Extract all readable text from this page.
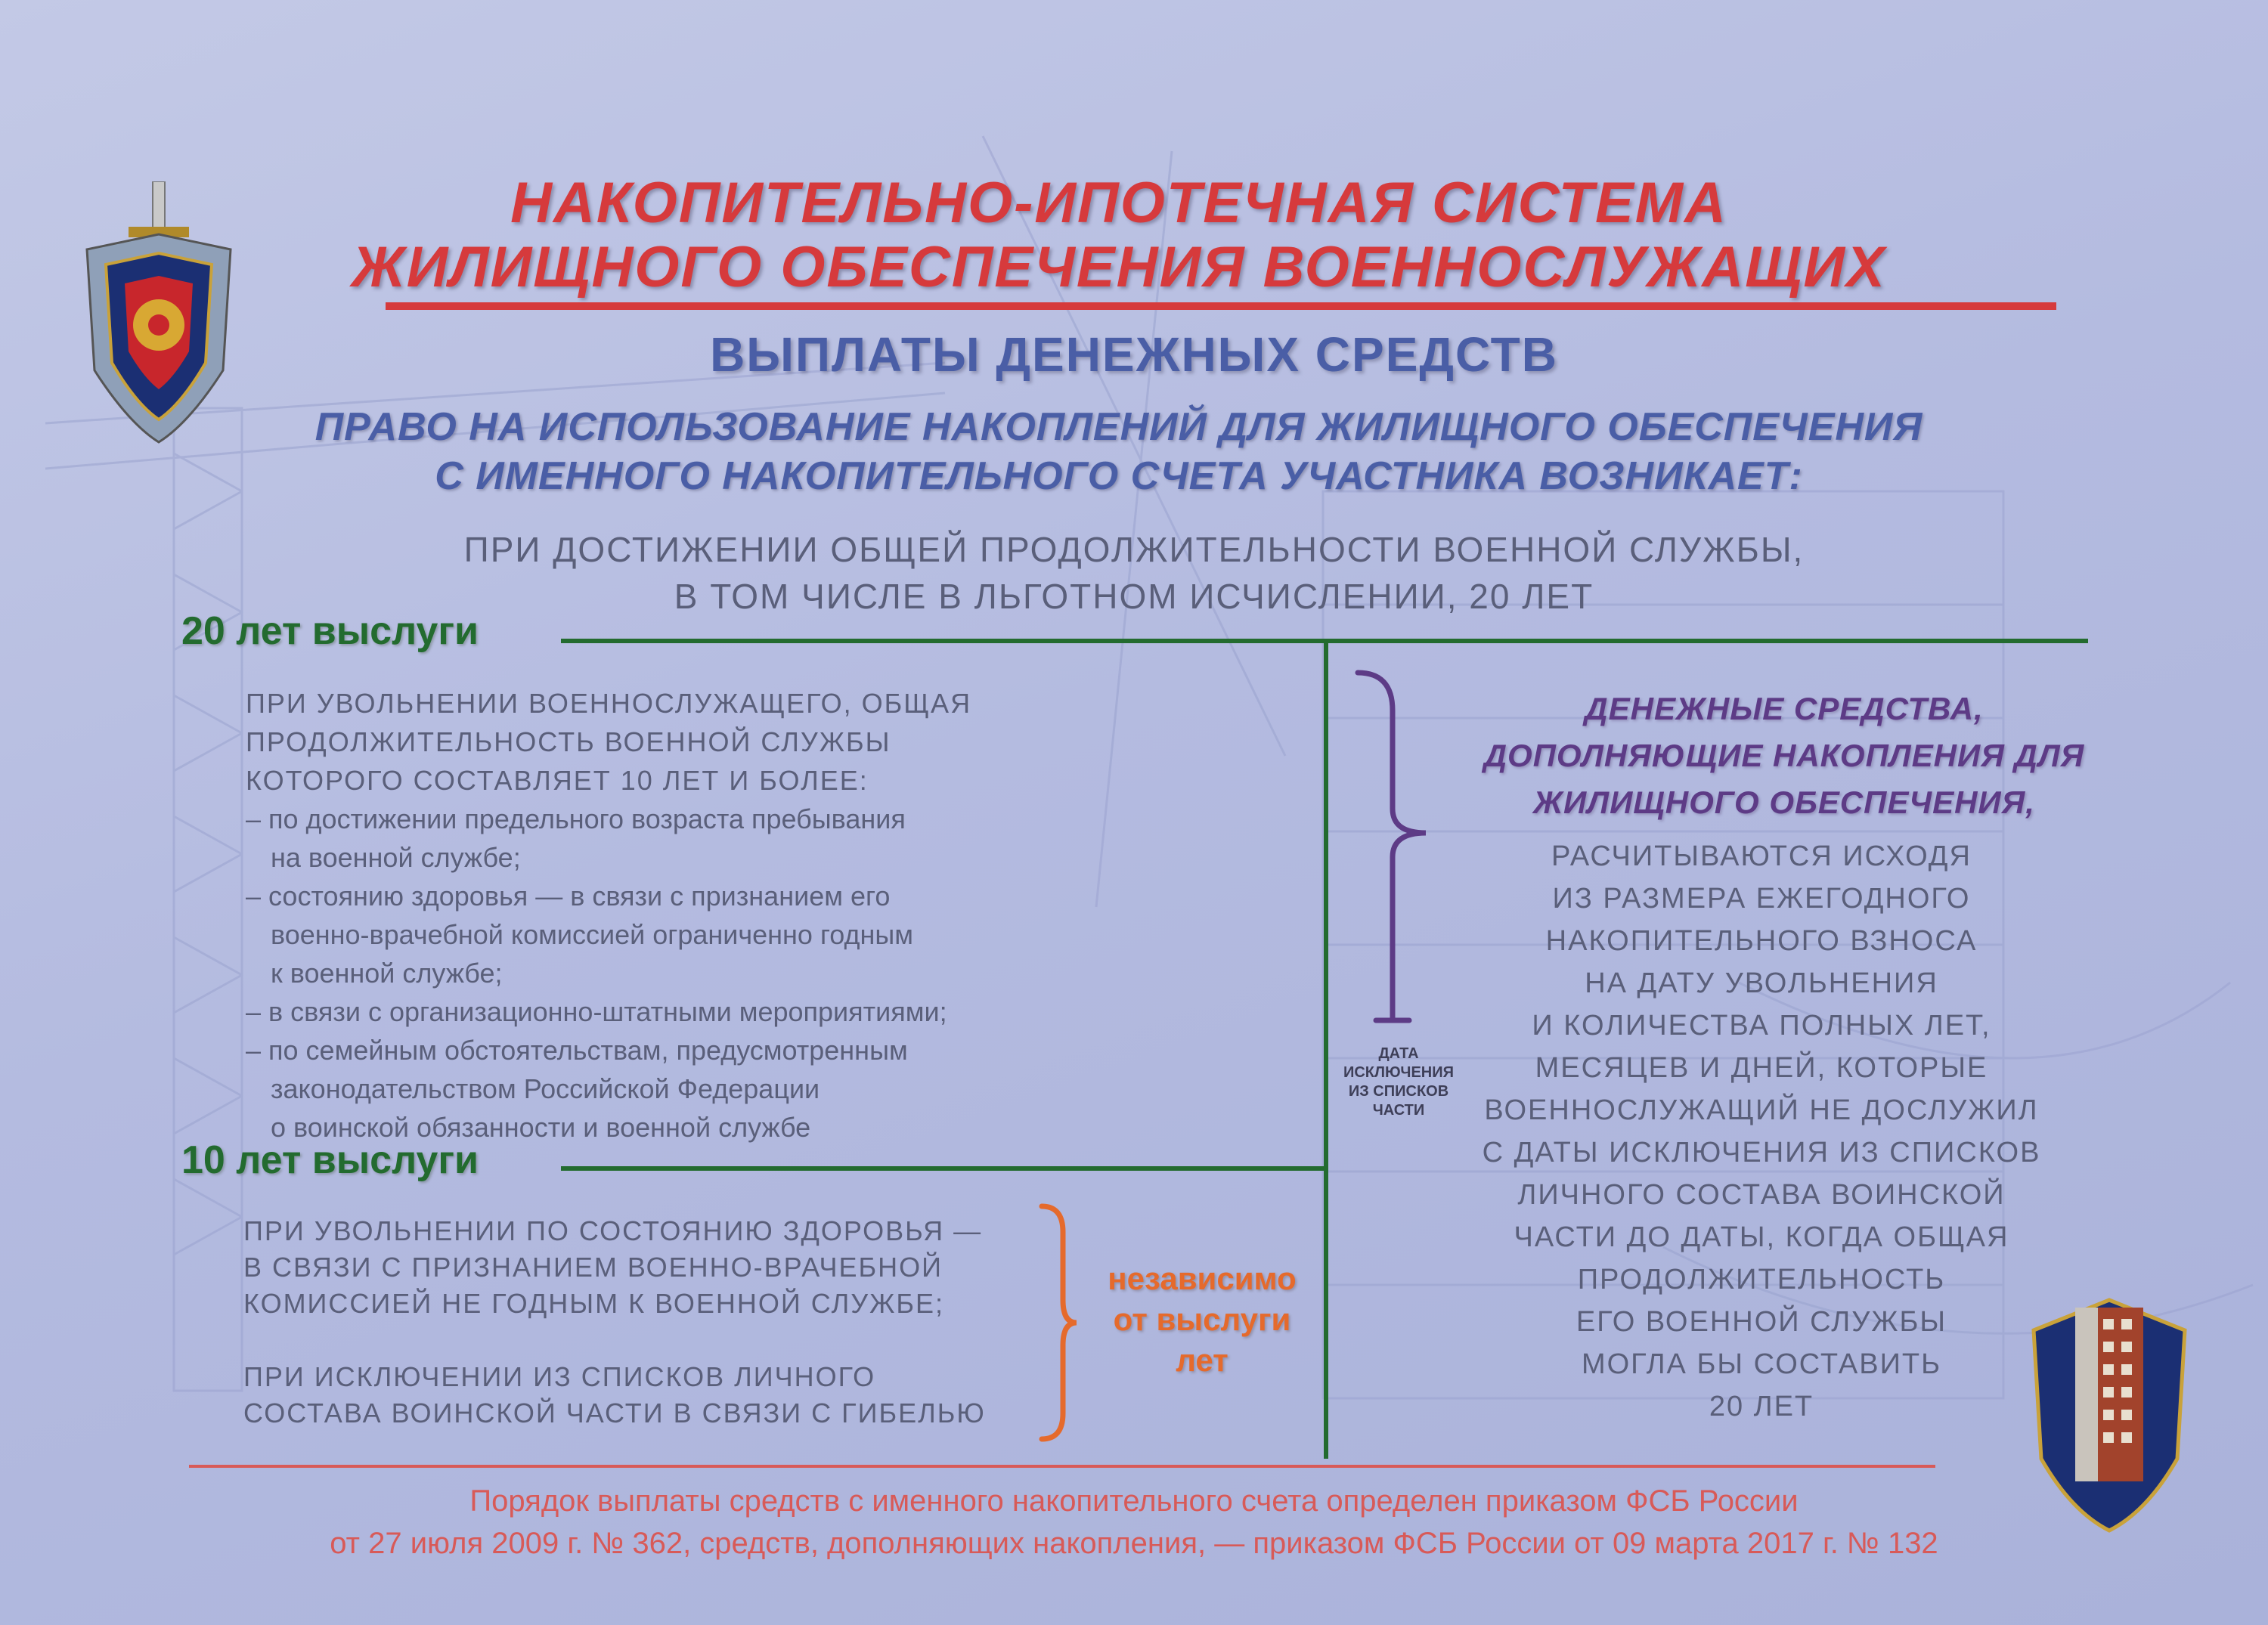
НАКОПИТЕЛЬНО-ИПОТЕЧНАЯ СИСТЕМА
ЖИЛИЩНОГО ОБЕСПЕЧЕНИЯ ВОЕННОСЛУЖАЩИХ
ВЫПЛАТЫ ДЕНЕЖНЫХ СРЕДСТВ
ПРАВО НА ИСПОЛЬЗОВАНИЕ НАКОПЛЕНИЙ ДЛЯ ЖИЛИЩНОГО ОБЕСПЕЧЕНИЯ
С ИМЕННОГО НАКОПИТЕЛЬНОГО СЧЕТА УЧАСТНИКА ВОЗНИКАЕТ:
ПРИ ДОСТИЖЕНИИ ОБЩЕЙ ПРОДОЛЖИТЕЛЬНОСТИ ВОЕННОЙ СЛУЖБЫ,
В ТОМ ЧИСЛЕ В ЛЬГОТНОМ ИСЧИСЛЕНИИ, 20 ЛЕТ
20 лет выслуги
ПРИ УВОЛЬНЕНИИ ВОЕННОСЛУЖАЩЕГО, ОБЩАЯ
ПРОДОЛЖИТЕЛЬНОСТЬ ВОЕННОЙ СЛУЖБЫ
КОТОРОГО СОСТАВЛЯЕТ 10 ЛЕТ И БОЛЕЕ:
– по достижении предельного возраста пребывания
на военной службе;
– состоянию здоровья — в связи с признанием его
военно-врачебной комиссией ограниченно годным
к военной службе;
– в связи с организационно-штатными мероприятиями;
– по семейным обстоятельствам, предусмотренным
законодательством Российской Федерации
о воинской обязанности и военной службе
10 лет выслуги
ПРИ УВОЛЬНЕНИИ ПО СОСТОЯНИЮ ЗДОРОВЬЯ —
В СВЯЗИ С ПРИЗНАНИЕМ ВОЕННО-ВРАЧЕБНОЙ
КОМИССИЕЙ НЕ ГОДНЫМ К ВОЕННОЙ СЛУЖБЕ;
ПРИ ИСКЛЮЧЕНИИ ИЗ СПИСКОВ ЛИЧНОГО
СОСТАВА ВОИНСКОЙ ЧАСТИ В СВЯЗИ С ГИБЕЛЬЮ
независимо
от выслуги
лет
ДАТА
ИСКЛЮЧЕНИЯ
ИЗ СПИСКОВ
ЧАСТИ
ДЕНЕЖНЫЕ СРЕДСТВА,
ДОПОЛНЯЮЩИЕ НАКОПЛЕНИЯ ДЛЯ
ЖИЛИЩНОГО ОБЕСПЕЧЕНИЯ,
РАСЧИТЫВАЮТСЯ ИСХОДЯ
ИЗ РАЗМЕРА ЕЖЕГОДНОГО
НАКОПИТЕЛЬНОГО ВЗНОСА
НА ДАТУ УВОЛЬНЕНИЯ
И КОЛИЧЕСТВА ПОЛНЫХ ЛЕТ,
МЕСЯЦЕВ И ДНЕЙ, КОТОРЫЕ
ВОЕННОСЛУЖАЩИЙ НЕ ДОСЛУЖИЛ
С ДАТЫ ИСКЛЮЧЕНИЯ ИЗ СПИСКОВ
ЛИЧНОГО СОСТАВА ВОИНСКОЙ
ЧАСТИ ДО ДАТЫ, КОГДА ОБЩАЯ
ПРОДОЛЖИТЕЛЬНОСТЬ
ЕГО ВОЕННОЙ СЛУЖБЫ
МОГЛА БЫ СОСТАВИТЬ
20 ЛЕТ
Порядок выплаты средств с именного накопительного счета определен приказом ФСБ России
от 27 июля 2009 г. № 362, средств, дополняющих накопления, — приказом ФСБ России от 09 марта 2017 г. № 132
